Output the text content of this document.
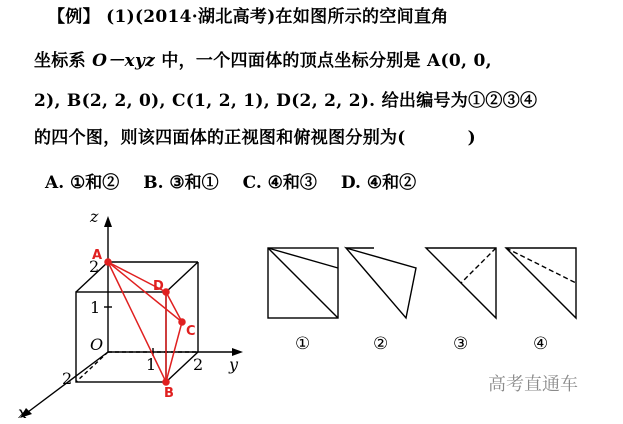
【例】 (1)(2014·湖北高考)在如图所示的空间直角
坐标系 O－xyz 中，一个四面体的顶点坐标分别是 A(0, 0,
2), B(2, 2, 0), C(1, 2, 1), D(2, 2, 2). 给出编号为①②③④
的四个图，则该四面体的正视图和俯视图分别为(	)
A. ①和② B. ③和① C. ④和③ D. ④和②
z
y
x
O
2
1
1 2
2
A
D
C
B
①	②	③	④
高考直通车
